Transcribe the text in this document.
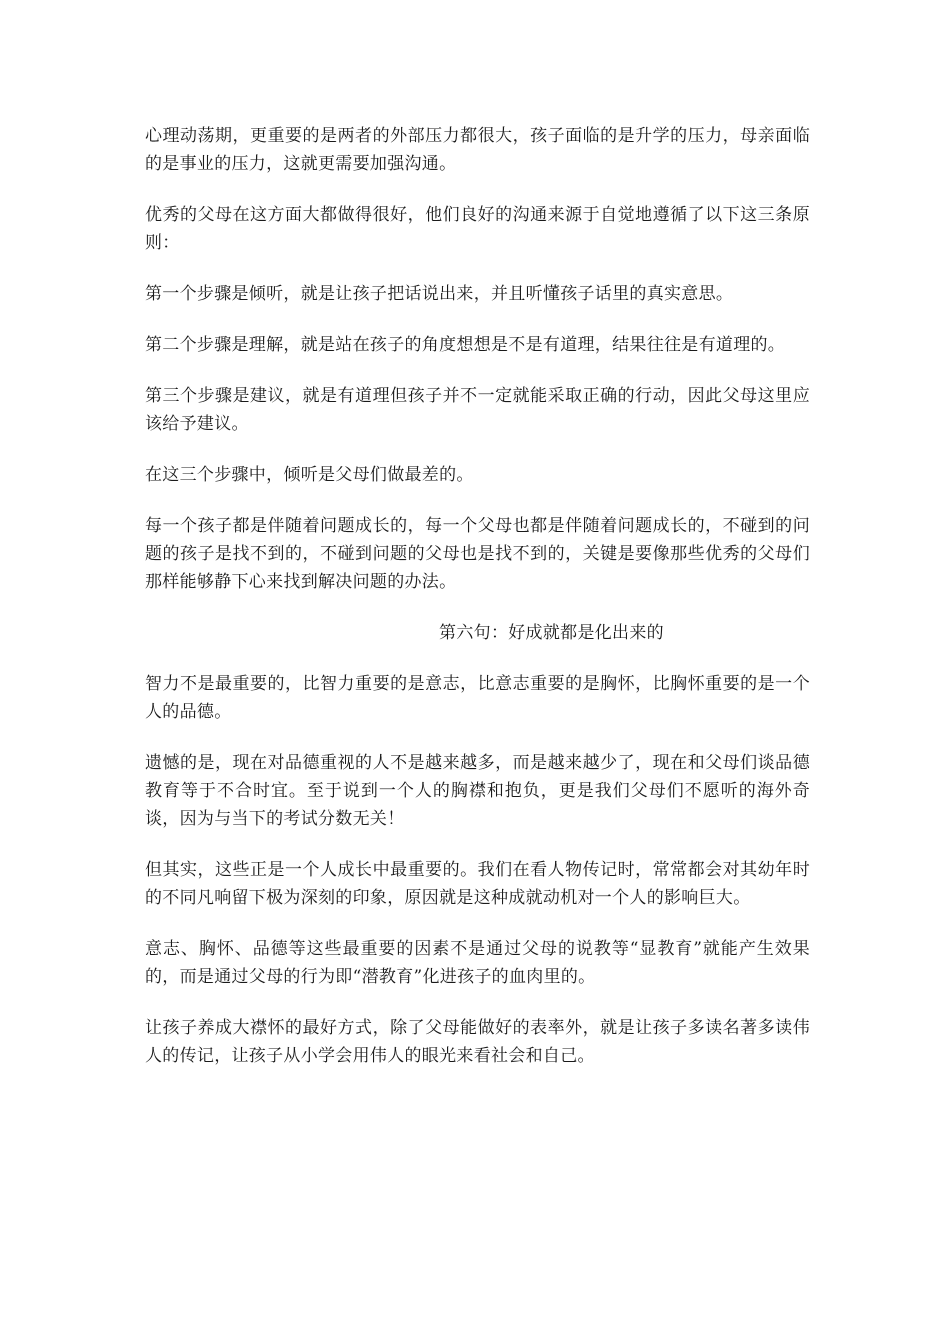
心理动荡期，更重要的是两者的外部压力都很大，孩子面临的是升学的压力，母亲面临的是事业的压力，这就更需要加强沟通。

优秀的父母在这方面大都做得很好，他们良好的沟通来源于自觉地遵循了以下这三条原则：

第一个步骤是倾听，就是让孩子把话说出来，并且听懂孩子话里的真实意思。

第二个步骤是理解，就是站在孩子的角度想想是不是有道理，结果往往是有道理的。

第三个步骤是建议，就是有道理但孩子并不一定就能采取正确的行动，因此父母这里应该给予建议。

在这三个步骤中，倾听是父母们做最差的。

每一个孩子都是伴随着问题成长的，每一个父母也都是伴随着问题成长的，不碰到的问题的孩子是找不到的，不碰到问题的父母也是找不到的，关键是要像那些优秀的父母们那样能够静下心来找到解决问题的办法。

第六句：好成就都是化出来的

智力不是最重要的，比智力重要的是意志，比意志重要的是胸怀，比胸怀重要的是一个人的品德。

遗憾的是，现在对品德重视的人不是越来越多，而是越来越少了，现在和父母们谈品德教育等于不合时宜。至于说到一个人的胸襟和抱负，更是我们父母们不愿听的海外奇谈，因为与当下的考试分数无关！

但其实，这些正是一个人成长中最重要的。我们在看人物传记时，常常都会对其幼年时的不同凡响留下极为深刻的印象，原因就是这种成就动机对一个人的影响巨大。

意志、胸怀、品德等这些最重要的因素不是通过父母的说教等“显教育”就能产生效果的，而是通过父母的行为即“潜教育”化进孩子的血肉里的。

让孩子养成大襟怀的最好方式，除了父母能做好的表率外，就是让孩子多读名著多读伟人的传记，让孩子从小学会用伟人的眼光来看社会和自己。
